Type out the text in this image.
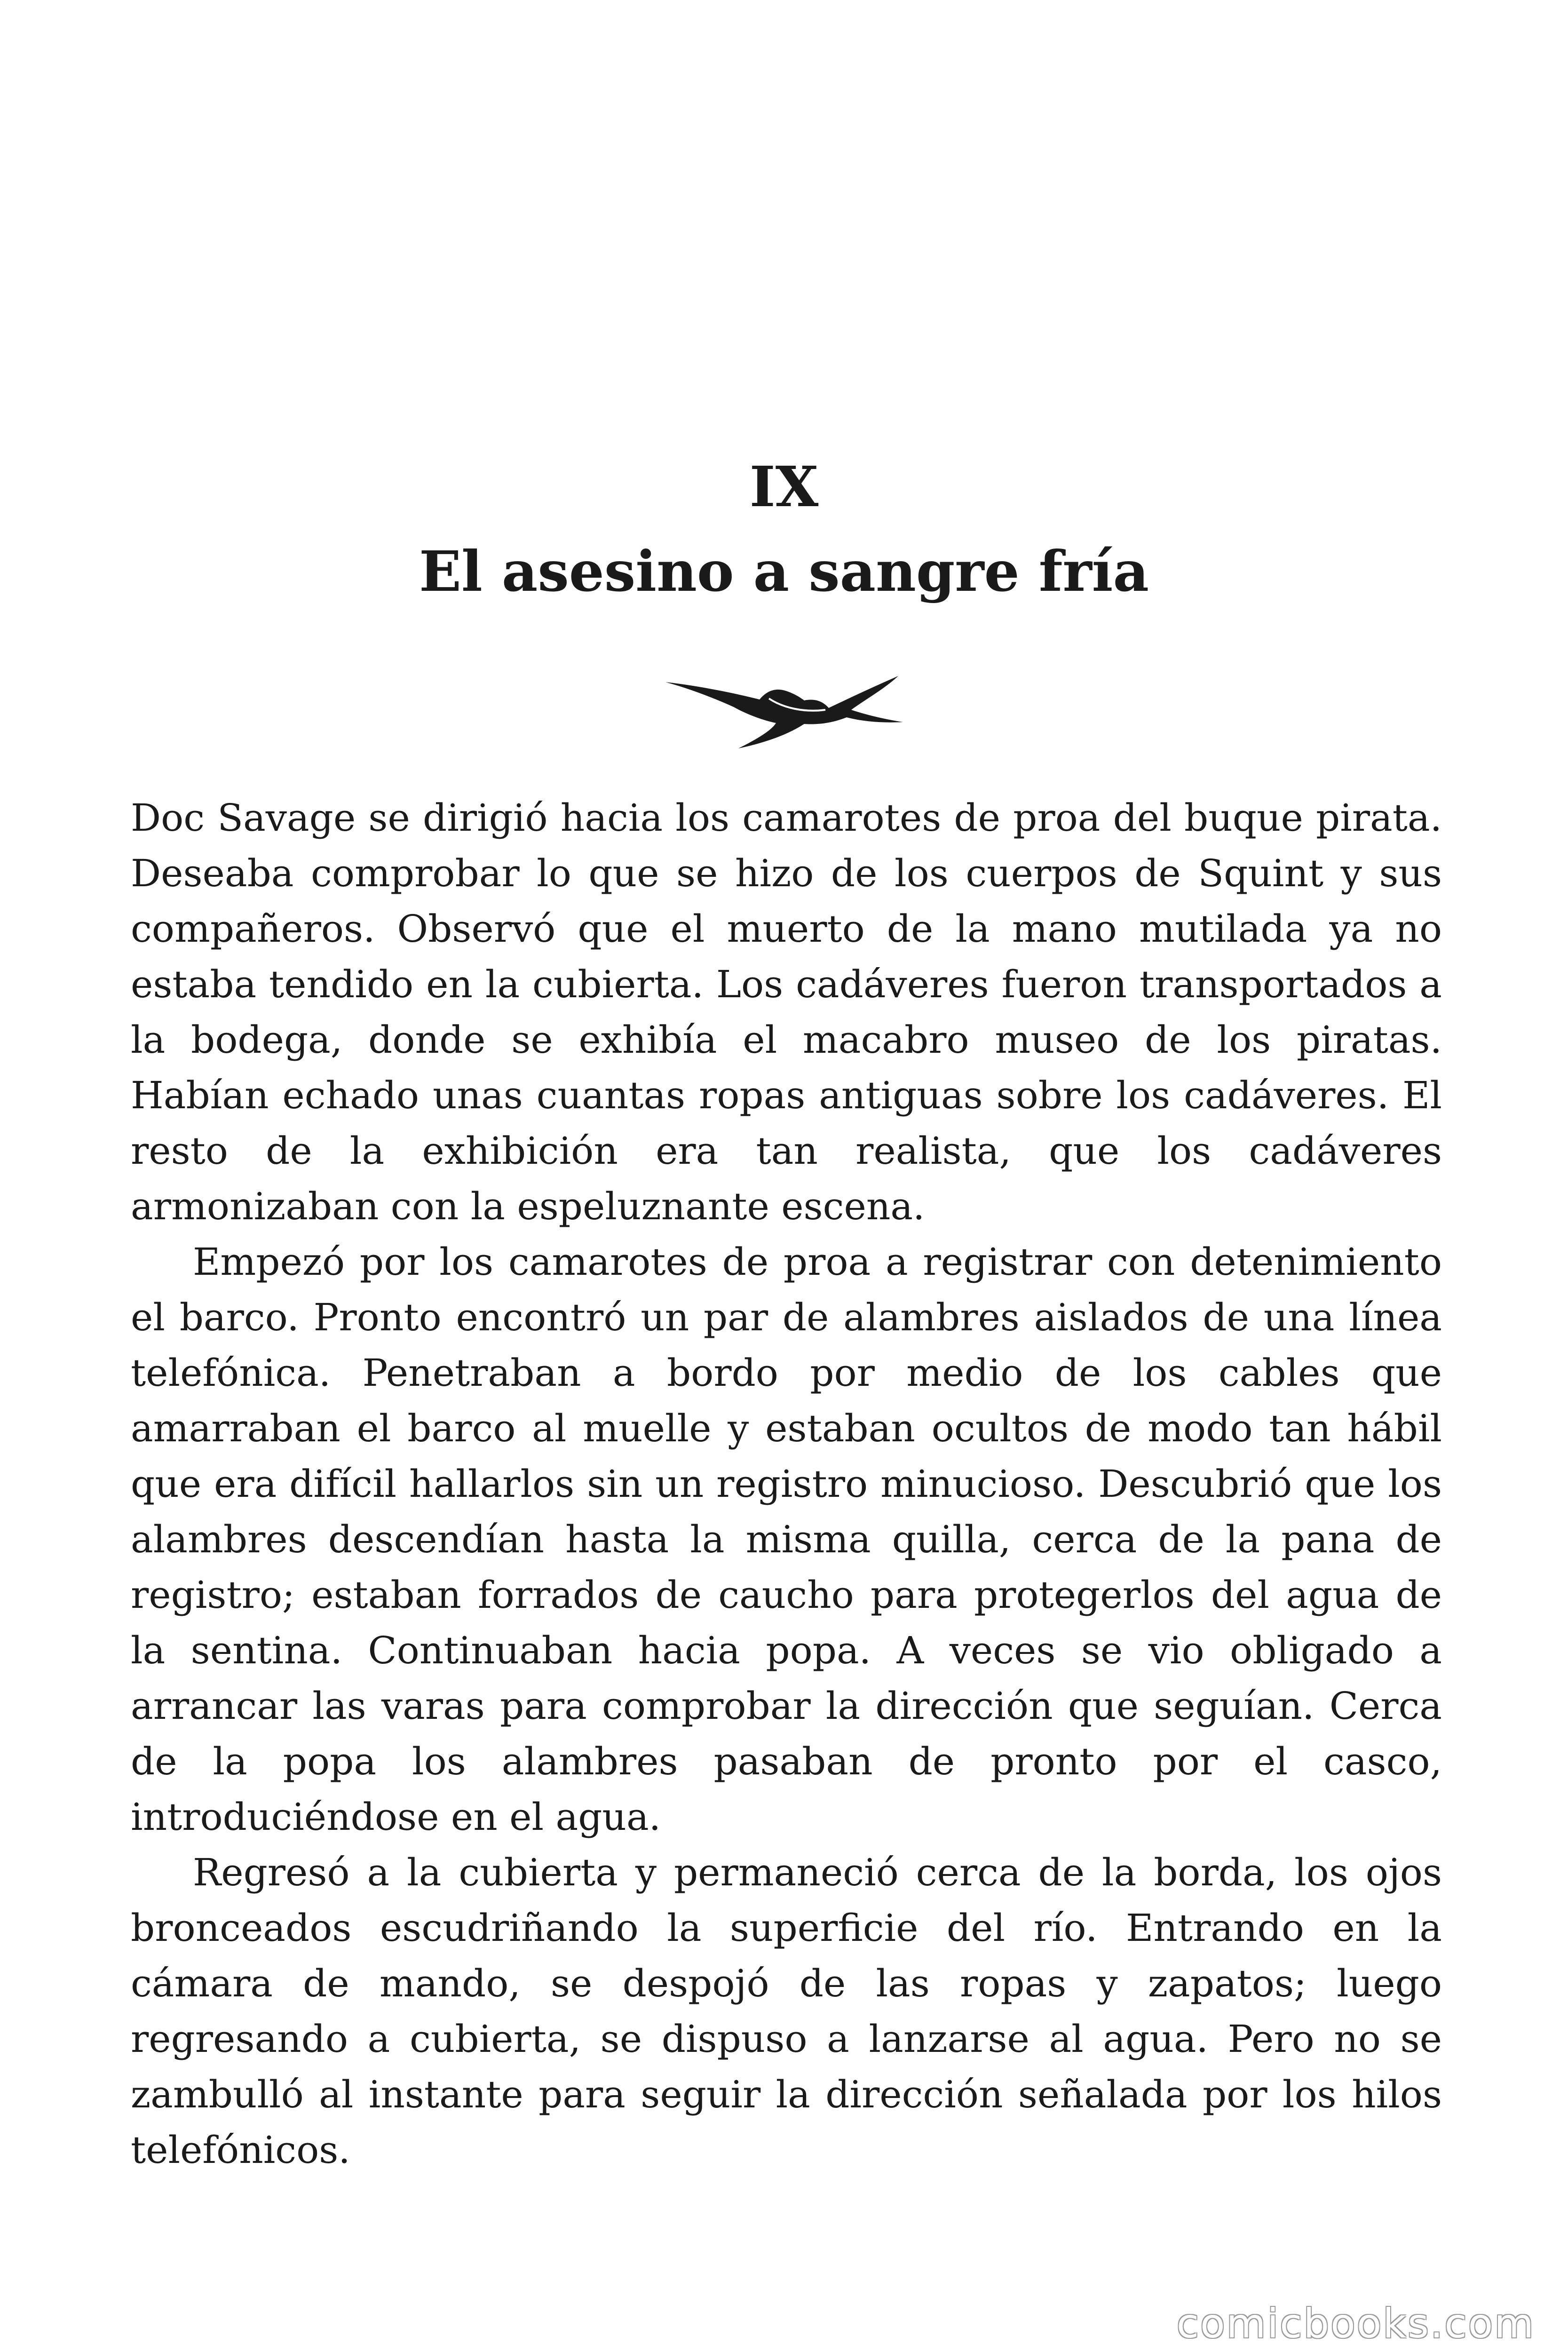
IX
El asesino a sangre fría

Doc Savage se dirigió hacia los camarotes de proa del buque pirata. Deseaba comprobar lo que se hizo de los cuerpos de Squint y sus compañeros. Observó que el muerto de la mano mutilada ya no estaba tendido en la cubierta. Los cadáveres fueron transportados a la bodega, donde se exhibía el macabro museo de los piratas. Habían echado unas cuantas ropas antiguas sobre los cadáveres. El resto de la exhibición era tan realista, que los cadáveres armonizaban con la espeluznante escena.

Empezó por los camarotes de proa a registrar con detenimiento el barco. Pronto encontró un par de alambres aislados de una línea telefónica. Penetraban a bordo por medio de los cables que amarraban el barco al muelle y estaban ocultos de modo tan hábil que era difícil hallarlos sin un registro minucioso. Descubrió que los alambres descendían hasta la misma quilla, cerca de la pana de registro; estaban forrados de caucho para protegerlos del agua de la sentina. Continuaban hacia popa. A veces se vio obligado a arrancar las varas para comprobar la dirección que seguían. Cerca de la popa los alambres pasaban de pronto por el casco, introduciéndose en el agua.

Regresó a la cubierta y permaneció cerca de la borda, los ojos bronceados escudriñando la superficie del río. Entrando en la cámara de mando, se despojó de las ropas y zapatos; luego regresando a cubierta, se dispuso a lanzarse al agua. Pero no se zambulló al instante para seguir la dirección señalada por los hilos telefónicos.

comicbooks.com
